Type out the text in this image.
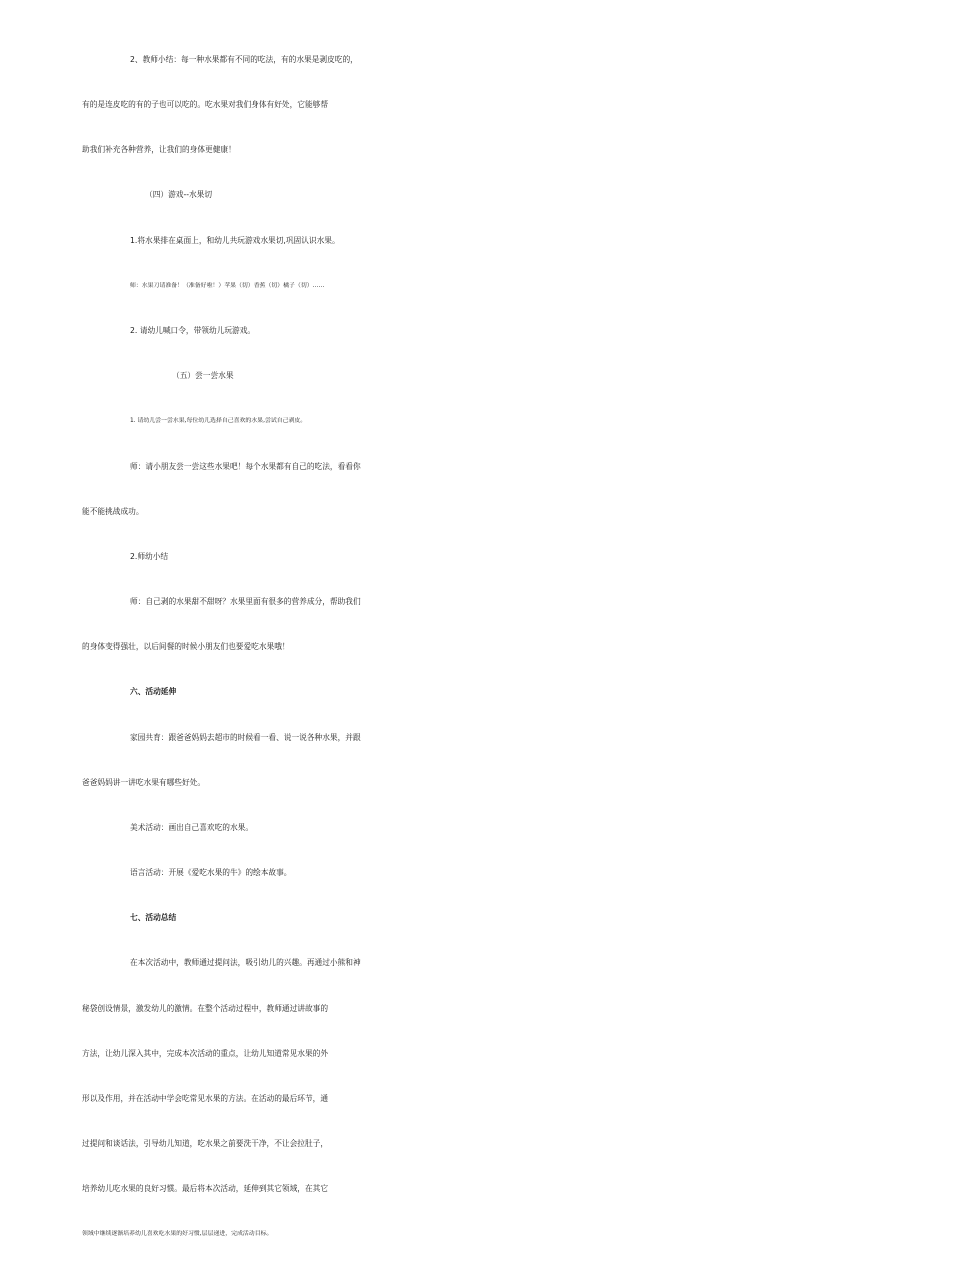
2、教师小结：每一种水果都有不同的吃法，有的水果是剥皮吃的，
有的是连皮吃的有的子也可以吃的。吃水果对我们身体有好处，它能够帮
助我们补充各种营养，让我们的身体更健康！
（四）游戏--水果切
1.将水果排在桌面上，和幼儿共玩游戏水果切,巩固认识水果。
师：水果刀请准备！（准备好啦！）苹果（切）香蕉（切）橘子（切）……
2. 请幼儿喊口令，带领幼儿玩游戏。
（五）尝一尝水果
1. 请幼儿尝一尝水果,每位幼儿选择自己喜欢的水果,尝试自己剥皮。
师：请小朋友尝一尝这些水果吧！每个水果都有自己的吃法，看看你
能不能挑战成功。
2.师幼小结
师：自己剥的水果甜不甜呀？水果里面有很多的营养成分，帮助我们
的身体变得强壮，以后间餐的时候小朋友们也要爱吃水果哦！
六、活动延伸
家园共育：跟爸爸妈妈去超市的时候看一看、说一说各种水果，并跟
爸爸妈妈讲一讲吃水果有哪些好处。
美术活动：画出自己喜欢吃的水果。
语言活动：开展《爱吃水果的牛》的绘本故事。
七、活动总结
在本次活动中，教师通过提问法，吸引幼儿的兴趣。再通过小熊和神
秘袋创设情景，激发幼儿的激情。在整个活动过程中，教师通过讲故事的
方法，让幼儿深入其中，完成本次活动的重点，让幼儿知道常见水果的外
形以及作用，并在活动中学会吃常见水果的方法。在活动的最后环节，通
过提问和谈话法，引导幼儿知道，吃水果之前要洗干净，不让会拉肚子，
培养幼儿吃水果的良好习惯。最后将本次活动，延伸到其它领域，在其它
领域中继续逐渐培养幼儿喜欢吃水果的好习惯,层层递进，完成活动目标。
